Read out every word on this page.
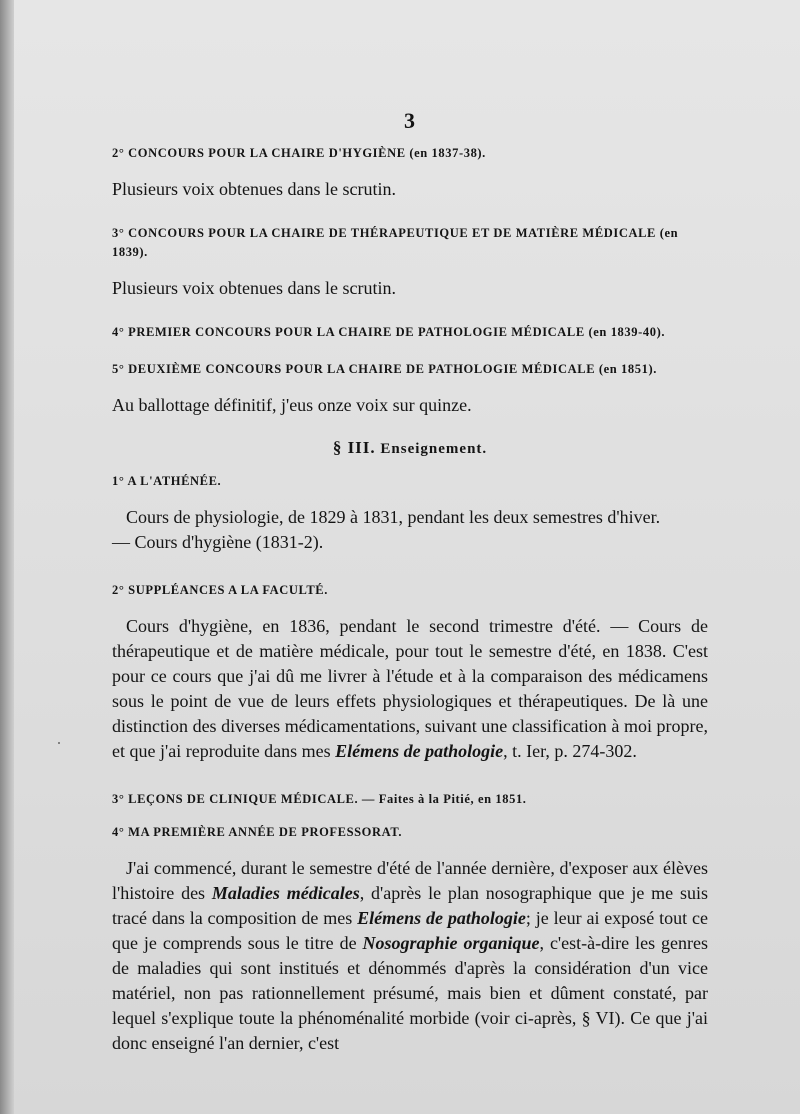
3

2° CONCOURS POUR LA CHAIRE D'HYGIÈNE (en 1837-38).

Plusieurs voix obtenues dans le scrutin.

3° CONCOURS POUR LA CHAIRE DE THÉRAPEUTIQUE ET DE MATIÈRE MÉDICALE (en 1839).

Plusieurs voix obtenues dans le scrutin.

4° PREMIER CONCOURS POUR LA CHAIRE DE PATHOLOGIE MÉDICALE (en 1839-40).

5° DEUXIÈME CONCOURS POUR LA CHAIRE DE PATHOLOGIE MÉDICALE (en 1851).

Au ballottage définitif, j'eus onze voix sur quinze.

§ III. Enseignement.

1° A L'ATHÉNÉE.

Cours de physiologie, de 1829 à 1831, pendant les deux semestres d'hiver.

— Cours d'hygiène (1831-2).

2° SUPPLÉANCES A LA FACULTÉ.

Cours d'hygiène, en 1836, pendant le second trimestre d'été. — Cours de thérapeutique et de matière médicale, pour tout le semestre d'été, en 1838. C'est pour ce cours que j'ai dû me livrer à l'étude et à la comparaison des médicamens sous le point de vue de leurs effets physiologiques et thérapeutiques. De là une distinction des diverses médicamentations, suivant une classification à moi propre, et que j'ai reproduite dans mes Elémens de pathologie, t. Ier, p. 274-302.

3° LEÇONS DE CLINIQUE MÉDICALE. — Faites à la Pitié, en 1851.

4° MA PREMIÈRE ANNÉE DE PROFESSORAT.

J'ai commencé, durant le semestre d'été de l'année dernière, d'exposer aux élèves l'histoire des Maladies médicales, d'après le plan nosographique que je me suis tracé dans la composition de mes Elémens de pathologie; je leur ai exposé tout ce que je comprends sous le titre de Nosographie organique, c'est-à-dire les genres de maladies qui sont institués et dénommés d'après la considération d'un vice matériel, non pas rationnellement présumé, mais bien et dûment constaté, par lequel s'explique toute la phénoménalité morbide (voir ci-après, § VI). Ce que j'ai donc enseigné l'an dernier, c'est
